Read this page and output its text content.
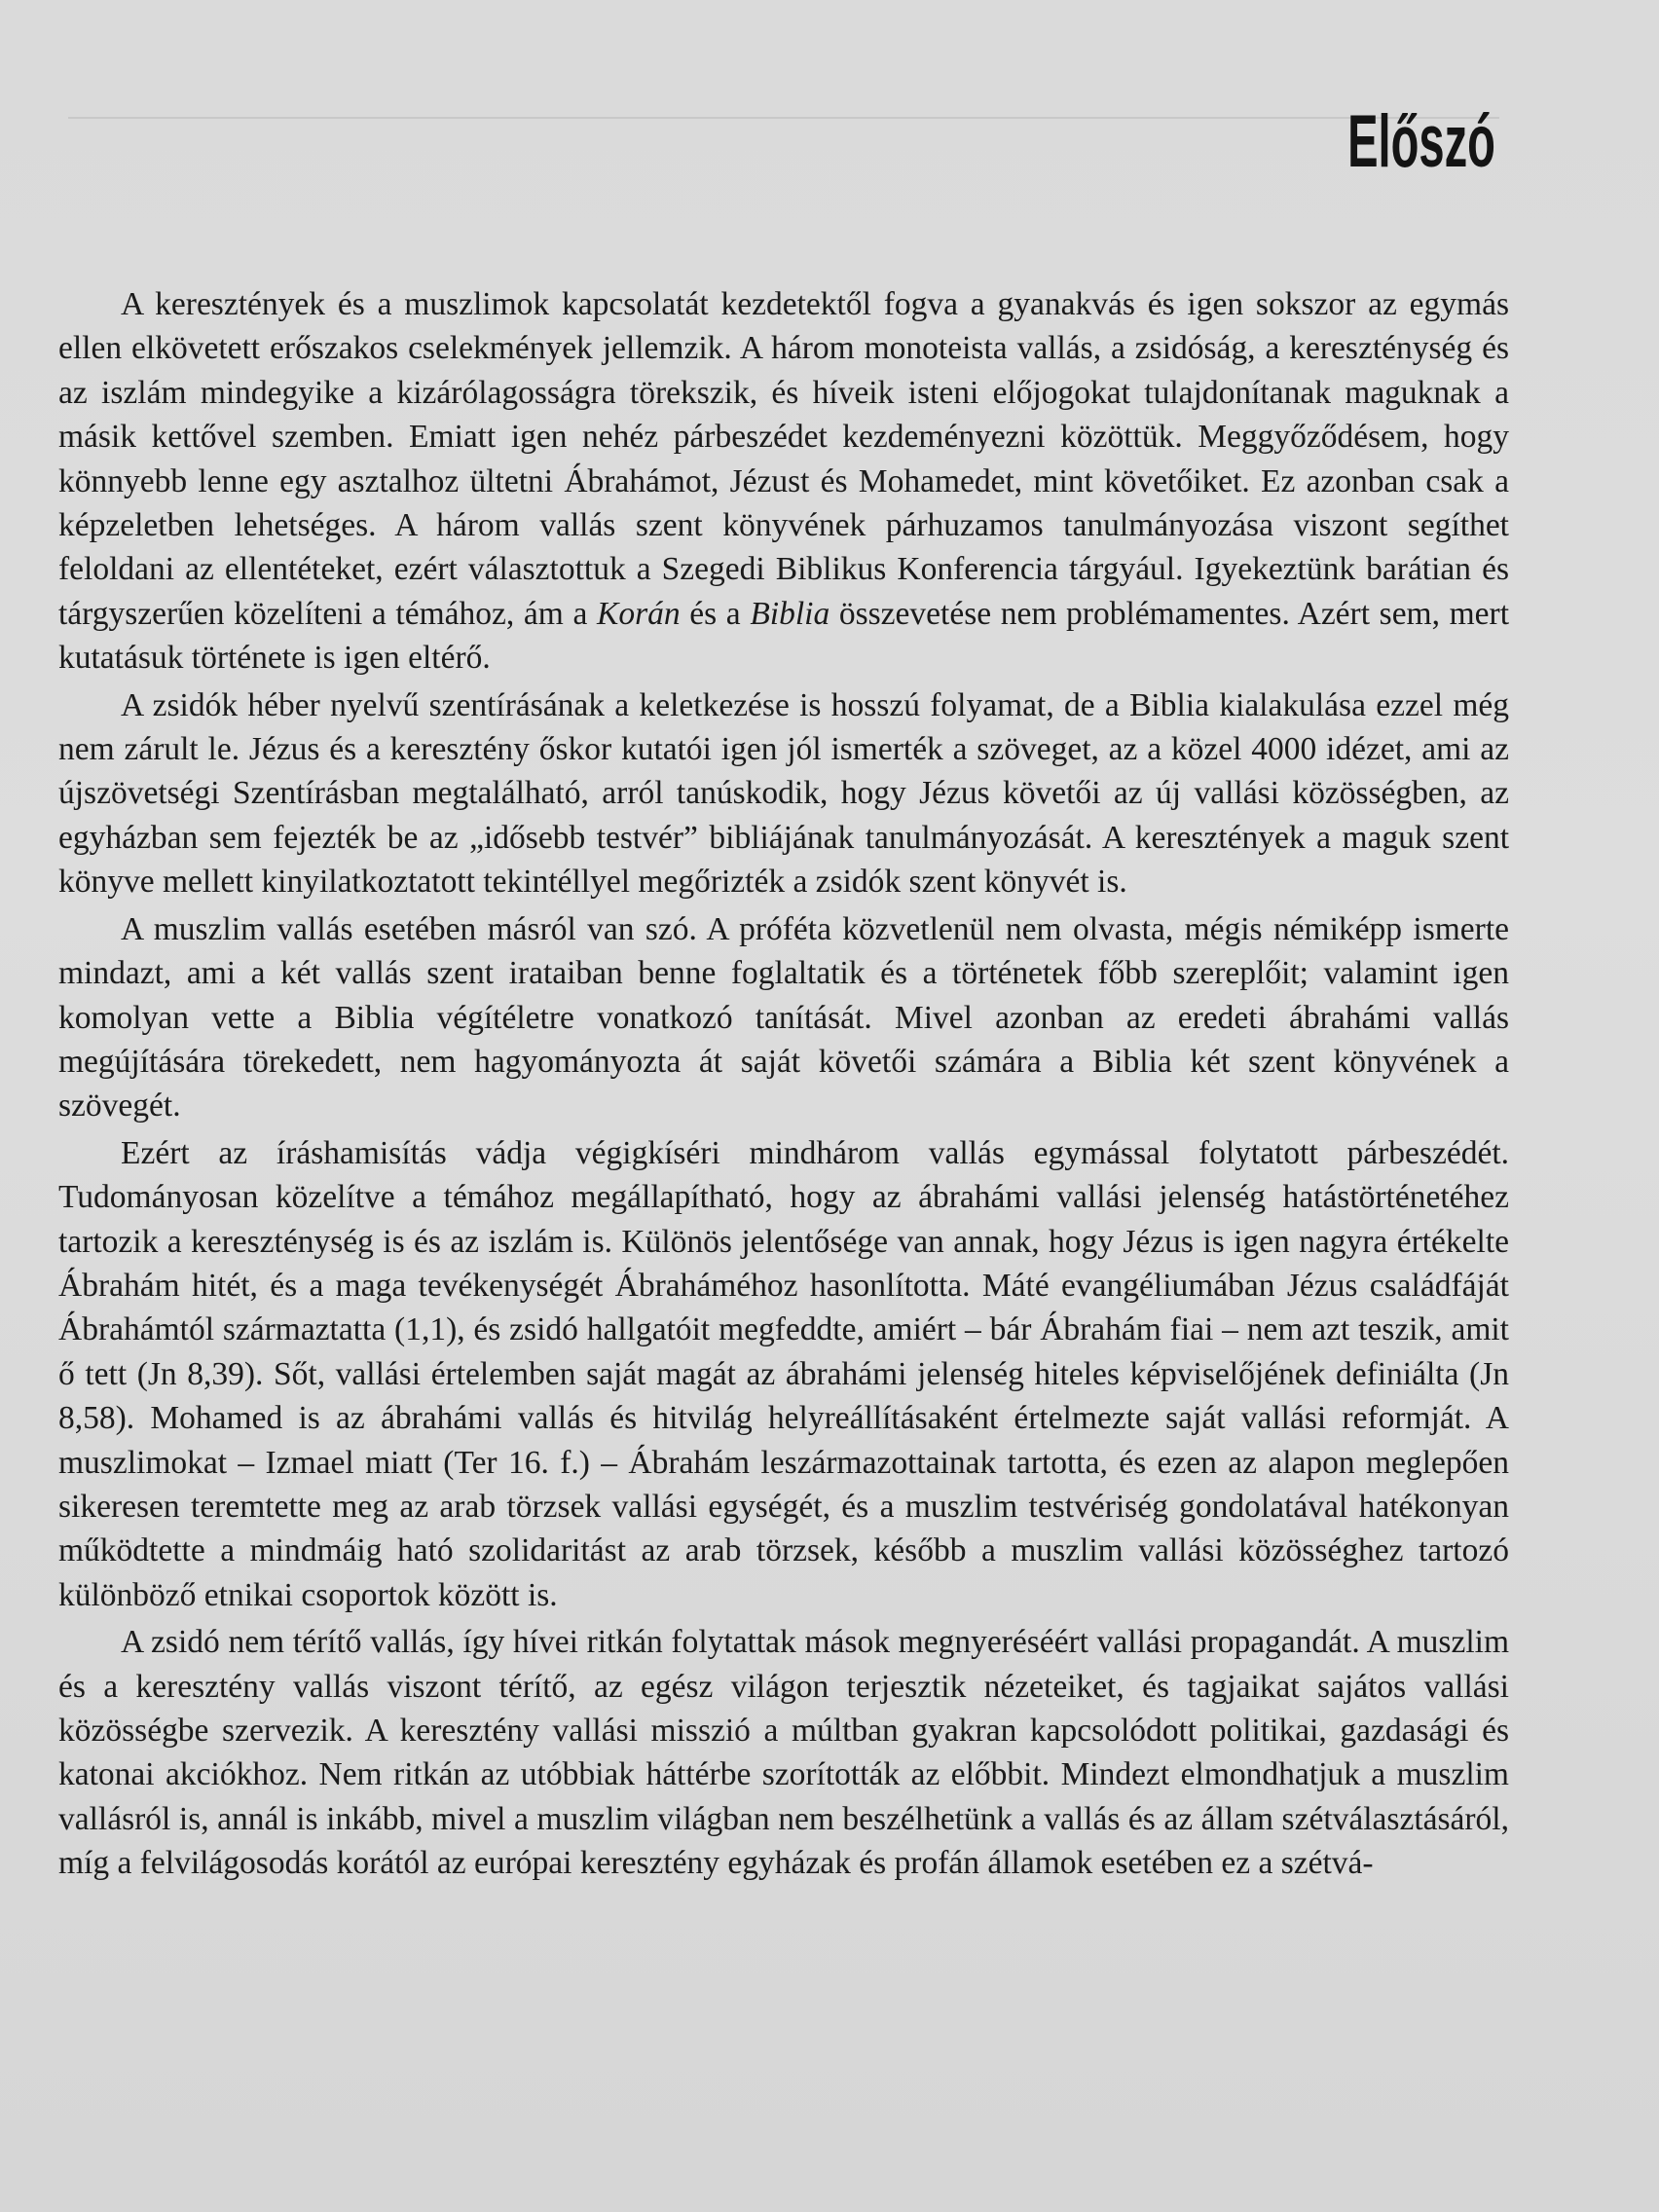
Előszó

A keresztények és a muszlimok kapcsolatát kezdetektől fogva a gyanakvás és igen sokszor az egymás ellen elkövetett erőszakos cselekmények jellemzik. A három monoteista vallás, a zsidóság, a kereszténység és az iszlám mindegyike a kizárólagosságra törekszik, és híveik isteni előjogokat tulajdonítanak maguknak a másik kettővel szemben. Emiatt igen nehéz párbeszédet kezdeményezni közöttük. Meggyőződésem, hogy könnyebb lenne egy asztalhoz ültetni Ábrahámot, Jézust és Mohamedet, mint követőiket. Ez azonban csak a képzeletben lehetséges. A három vallás szent könyvének párhuzamos tanulmányozása viszont segíthet feloldani az ellentéteket, ezért választottuk a Szegedi Biblikus Konferencia tárgyául. Igyekeztünk barátian és tárgyszerűen közelíteni a témához, ám a Korán és a Biblia összevetése nem problémamentes. Azért sem, mert kutatásuk története is igen eltérő.

A zsidók héber nyelvű szentírásának a keletkezése is hosszú folyamat, de a Biblia kialakulása ezzel még nem zárult le. Jézus és a keresztény őskor kutatói igen jól ismerték a szöveget, az a közel 4000 idézet, ami az újszövetségi Szentírásban megtalálható, arról tanúskodik, hogy Jézus követői az új vallási közösségben, az egyházban sem fejezték be az „idősebb testvér” bibliájának tanulmányozását. A keresztények a maguk szent könyve mellett kinyilatkoztatott tekintéllyel megőrizték a zsidók szent könyvét is.

A muszlim vallás esetében másról van szó. A próféta közvetlenül nem olvasta, mégis némiképp ismerte mindazt, ami a két vallás szent irataiban benne foglaltatik és a történetek főbb szereplőit; valamint igen komolyan vette a Biblia végítéletre vonatkozó tanítását. Mivel azonban az eredeti ábrahámi vallás megújítására törekedett, nem hagyományozta át saját követői számára a Biblia két szent könyvének a szövegét.

Ezért az íráshamisítás vádja végigkíséri mindhárom vallás egymással folytatott párbeszédét. Tudományosan közelítve a témához megállapítható, hogy az ábrahámi vallási jelenség hatástörténetéhez tartozik a kereszténység is és az iszlám is. Különös jelentősége van annak, hogy Jézus is igen nagyra értékelte Ábrahám hitét, és a maga tevékenységét Ábraháméhoz hasonlította. Máté evangéliumában Jézus családfáját Ábrahámtól származtatta (1,1), és zsidó hallgatóit megfeddte, amiért – bár Ábrahám fiai – nem azt teszik, amit ő tett (Jn 8,39). Sőt, vallási értelemben saját magát az ábrahámi jelenség hiteles képviselőjének definiálta (Jn 8,58). Mohamed is az ábrahámi vallás és hitvilág helyreállításaként értelmezte saját vallási reformját. A muszlimokat – Izmael miatt (Ter 16. f.) – Ábrahám leszármazottainak tartotta, és ezen az alapon meglepően sikeresen teremtette meg az arab törzsek vallási egységét, és a muszlim testvériség gondolatával hatékonyan működtette a mindmáig ható szolidaritást az arab törzsek, később a muszlim vallási közösséghez tartozó különböző etnikai csoportok között is.

A zsidó nem térítő vallás, így hívei ritkán folytattak mások megnyeréséért vallási propagandát. A muszlim és a keresztény vallás viszont térítő, az egész világon terjesztik nézeteiket, és tagjaikat sajátos vallási közösségbe szervezik. A keresztény vallási misszió a múltban gyakran kapcsolódott politikai, gazdasági és katonai akciókhoz. Nem ritkán az utóbbiak háttérbe szorították az előbbit. Mindezt elmondhatjuk a muszlim vallásról is, annál is inkább, mivel a muszlim világban nem beszélhetünk a vallás és az állam szétválasztásáról, míg a felvilágosodás korától az európai keresztény egyházak és profán államok esetében ez a szétvá-
